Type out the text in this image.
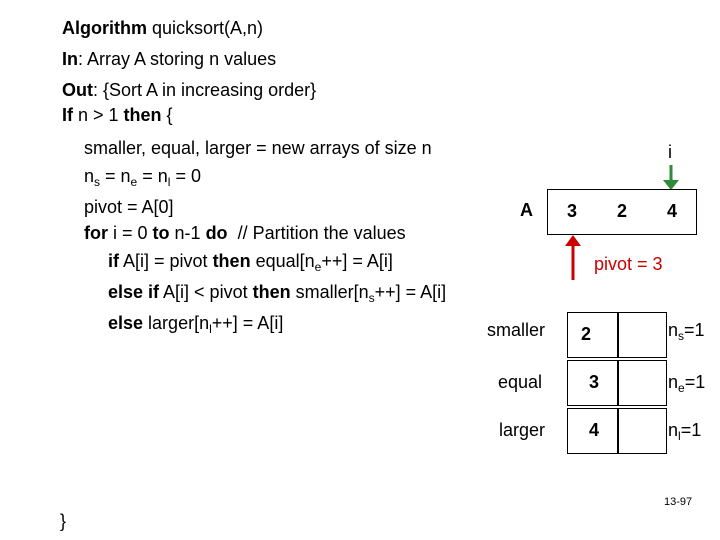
Algorithm quicksort(A,n)
In: Array A storing n values
Out: {Sort A in increasing order}
If n > 1 then {
smaller, equal, larger = new arrays of size n
$n_s = n_e = n_l = 0$
pivot = A[0]
for i = 0 to n-1 do  // Partition the values
if A[i] = pivot then $equal[n_e++] = A[i]$
else if A[i] < pivot then $smaller[n_s++] = A[i]$
else $larger[n_l++] = A[i]$
}
i
A	3	2	4
pivot = 3
smaller	2	$n_s=1$
equal	3	$n_e=1$
larger	4	$n_l=1$
13-97
